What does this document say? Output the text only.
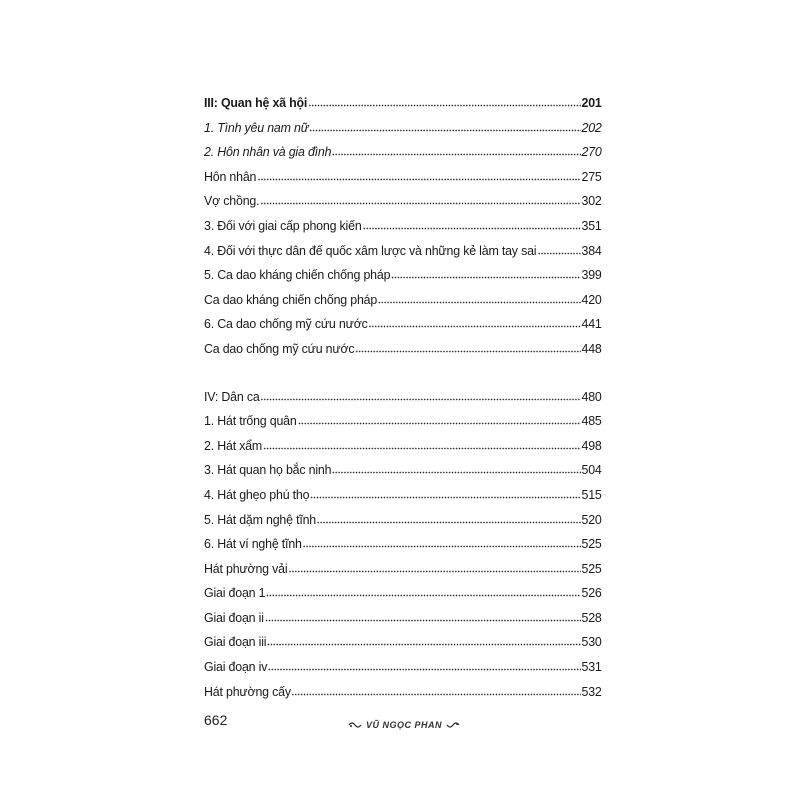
III: Quan hệ xã hội	201
1. Tình yêu nam nữ	202
2. Hôn nhân và gia đình	270
Hôn nhân	275
Vợ chồng.	302
3. Đối với giai cấp phong kiến	351
4. Đối với thực dân đế quốc xâm lược và những kẻ làm tay sai	384
5. Ca dao kháng chiến chống pháp	399
Ca dao kháng chiến chống pháp	420
6. Ca dao chống mỹ cứu nước	441
Ca dao chống mỹ cứu nước	448
IV: Dân ca	480
1. Hát trống quân	485
2. Hát xẩm	498
3. Hát quan họ bắc ninh	504
4. Hát ghẹo phú thọ	515
5. Hát dặm nghệ tĩnh	520
6. Hát ví nghệ tĩnh	525
Hát phường vải	525
Giai đoạn 1	526
Giai đoạn ii	528
Giai đoạn iii	530
Giai đoạn iv	531
Hát phường cấy	532
662	VŨ NGỌC PHAN
